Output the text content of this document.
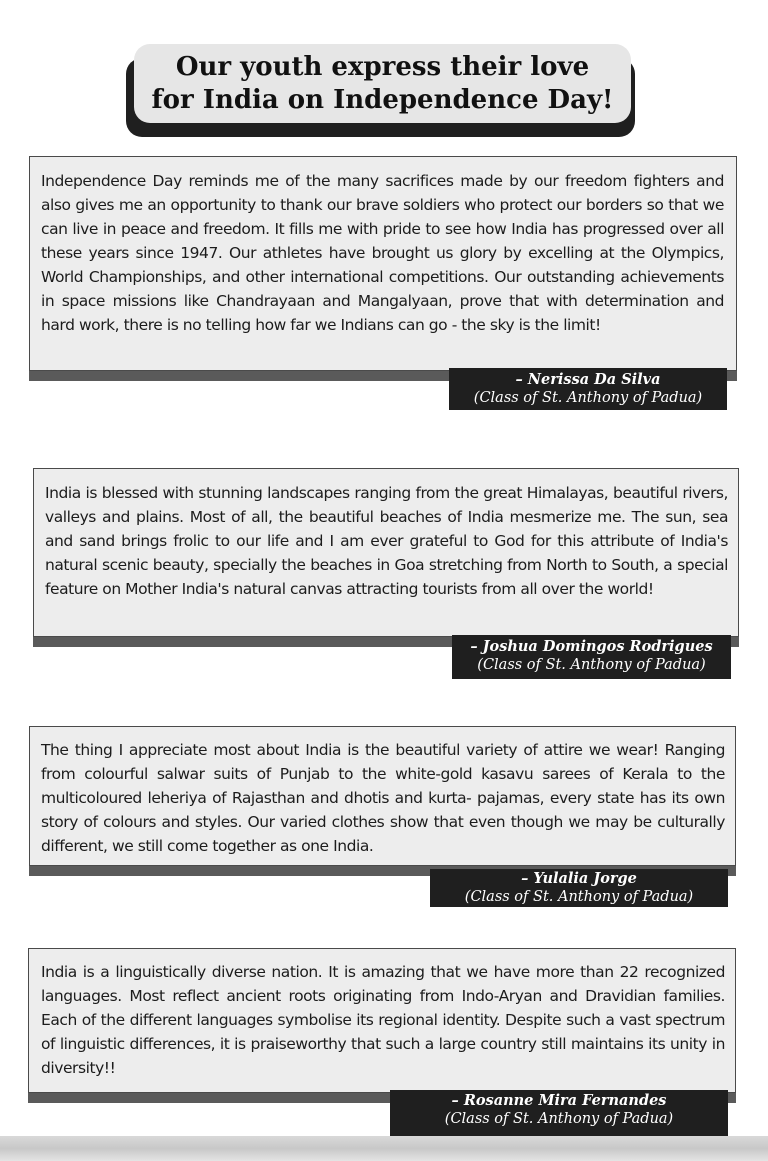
Our youth express their love
for India on Independence Day!

Independence Day reminds me of the many sacrifices made by our freedom fighters and also gives me an opportunity to thank our brave soldiers who protect our borders so that we can live in peace and freedom. It fills me with pride to see how India has progressed over all these years since 1947. Our athletes have brought us glory by excelling at the Olympics, World Championships, and other international competitions. Our outstanding achievements in space missions like Chandrayaan and Mangalyaan, prove that with determination and hard work, there is no telling how far we Indians can go - the sky is the limit!

– Nerissa Da Silva
(Class of St. Anthony of Padua)

India is blessed with stunning landscapes ranging from the great Himalayas, beautiful rivers, valleys and plains. Most of all, the beautiful beaches of India mesmerize me. The sun, sea and sand brings frolic to our life and I am ever grateful to God for this attribute of India's natural scenic beauty, specially the beaches in Goa stretching from North to South, a special feature on Mother India's natural canvas attracting tourists from all over the world!

– Joshua Domingos Rodrigues
(Class of St. Anthony of Padua)

The thing I appreciate most about India is the beautiful variety of attire we wear! Ranging from colourful salwar suits of Punjab to the white-gold kasavu sarees of Kerala to the multicoloured leheriya of Rajasthan and dhotis and kurta- pajamas, every state has its own story of colours and styles. Our varied clothes show that even though we may be culturally different, we still come together as one India.

– Yulalia Jorge
(Class of St. Anthony of Padua)

India is a linguistically diverse nation. It is amazing that we have more than 22 recognized languages. Most reflect ancient roots originating from Indo-Aryan and Dravidian families. Each of the different languages symbolise its regional identity. Despite such a vast spectrum of linguistic differences, it is praiseworthy that such a large country still maintains its unity in diversity!!

– Rosanne Mira Fernandes
(Class of St. Anthony of Padua)
